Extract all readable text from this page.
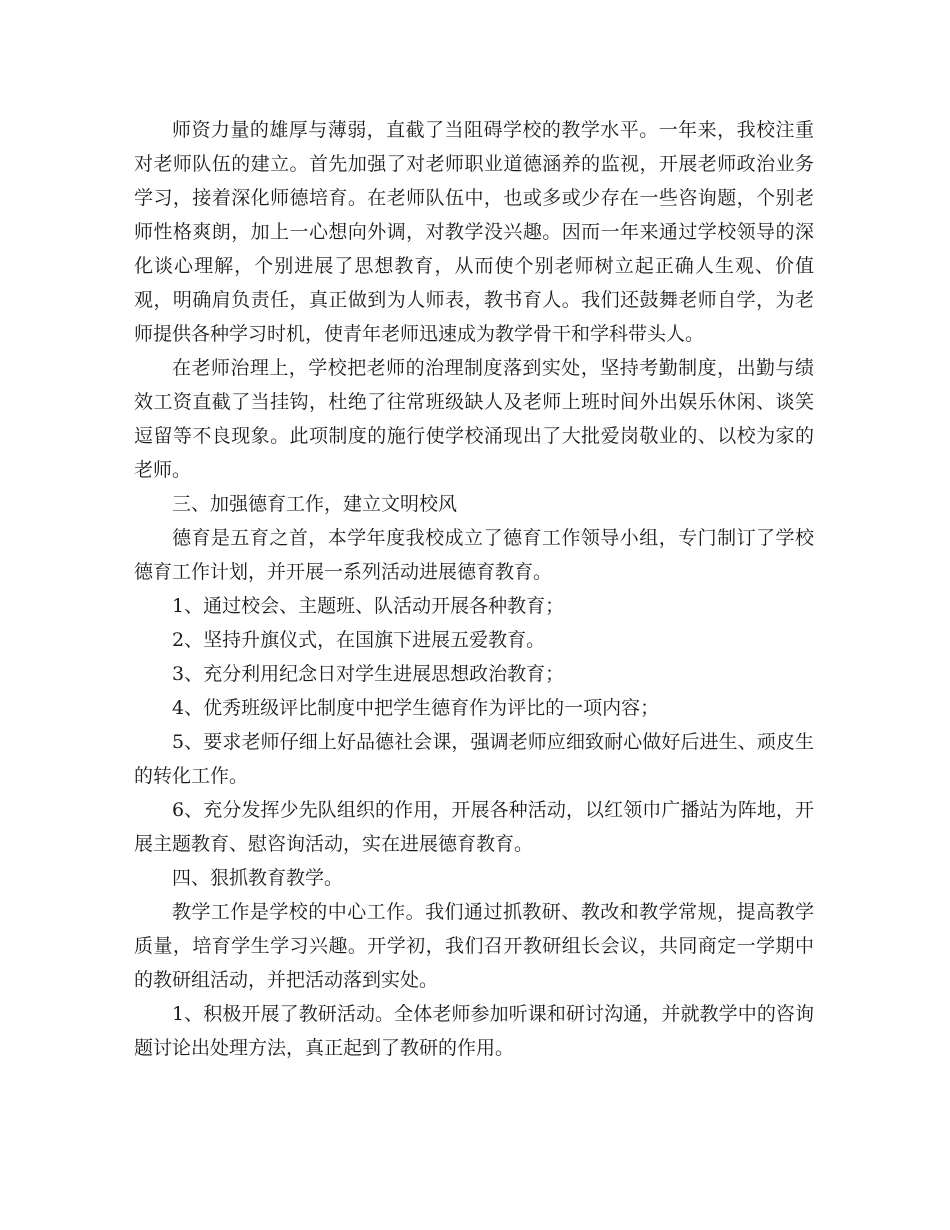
师资力量的雄厚与薄弱，直截了当阻碍学校的教学水平。一年来，我校注重对老师队伍的建立。首先加强了对老师职业道德涵养的监视，开展老师政治业务学习，接着深化师德培育。在老师队伍中，也或多或少存在一些咨询题，个别老师性格爽朗，加上一心想向外调，对教学没兴趣。因而一年来通过学校领导的深化谈心理解，个别进展了思想教育，从而使个别老师树立起正确人生观、价值观，明确肩负责任，真正做到为人师表，教书育人。我们还鼓舞老师自学，为老师提供各种学习时机，使青年老师迅速成为教学骨干和学科带头人。

在老师治理上，学校把老师的治理制度落到实处，坚持考勤制度，出勤与绩效工资直截了当挂钩，杜绝了往常班级缺人及老师上班时间外出娱乐休闲、谈笑逗留等不良现象。此项制度的施行使学校涌现出了大批爱岗敬业的、以校为家的老师。

三、加强德育工作，建立文明校风

德育是五育之首，本学年度我校成立了德育工作领导小组，专门制订了学校德育工作计划，并开展一系列活动进展德育教育。

1、通过校会、主题班、队活动开展各种教育；

2、坚持升旗仪式，在国旗下进展五爱教育。

3、充分利用纪念日对学生进展思想政治教育；

4、优秀班级评比制度中把学生德育作为评比的一项内容；

5、要求老师仔细上好品德社会课，强调老师应细致耐心做好后进生、顽皮生的转化工作。

6、充分发挥少先队组织的作用，开展各种活动，以红领巾广播站为阵地，开展主题教育、慰咨询活动，实在进展德育教育。

四、狠抓教育教学。

教学工作是学校的中心工作。我们通过抓教研、教改和教学常规，提高教学质量，培育学生学习兴趣。开学初，我们召开教研组长会议，共同商定一学期中的教研组活动，并把活动落到实处。

1、积极开展了教研活动。全体老师参加听课和研讨沟通，并就教学中的咨询题讨论出处理方法，真正起到了教研的作用。
